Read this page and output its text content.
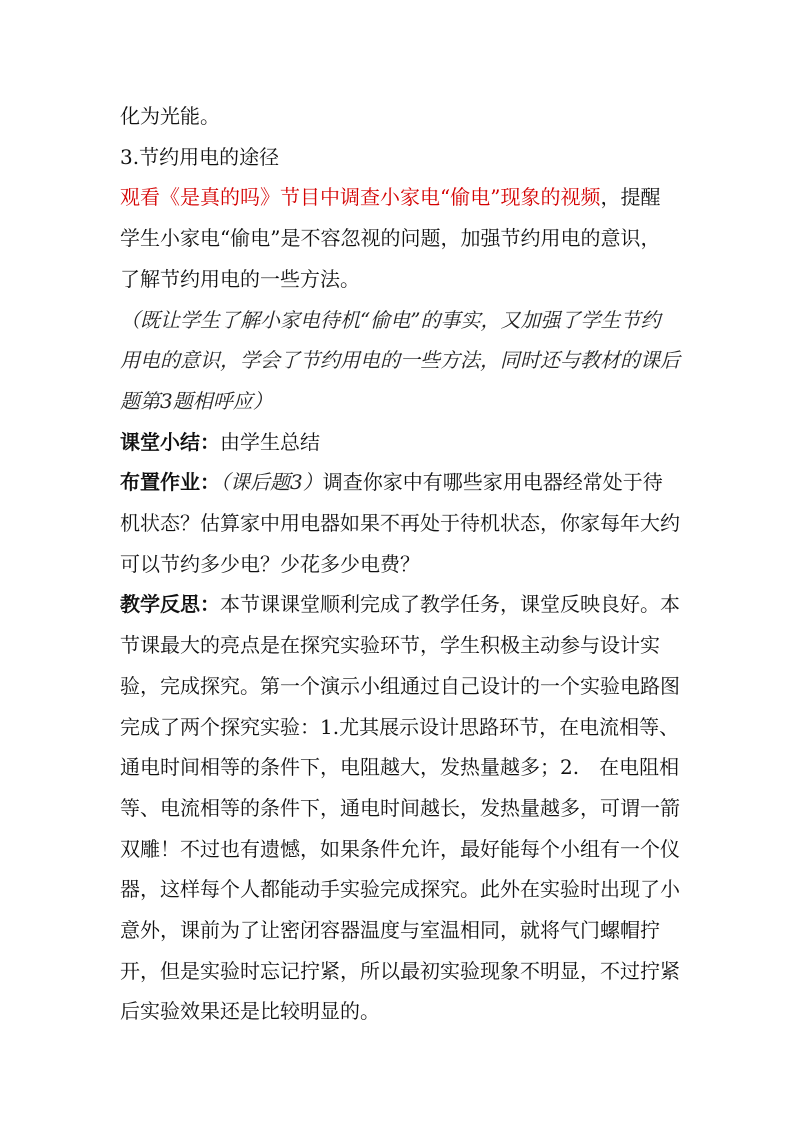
化为光能。

3.节约用电的途径

观看《是真的吗》节目中调查小家电“偷电”现象的视频，提醒学生小家电“偷电”是不容忽视的问题，加强节约用电的意识，了解节约用电的一些方法。

（既让学生了解小家电待机“偷电”的事实，又加强了学生节约用电的意识，学会了节约用电的一些方法，同时还与教材的课后题第3题相呼应）

课堂小结：由学生总结

布置作业：（课后题3）调查你家中有哪些家用电器经常处于待机状态？估算家中用电器如果不再处于待机状态，你家每年大约可以节约多少电？少花多少电费？

教学反思：本节课课堂顺利完成了教学任务，课堂反映良好。本节课最大的亮点是在探究实验环节，学生积极主动参与设计实验，完成探究。第一个演示小组通过自己设计的一个实验电路图完成了两个探究实验：1.尤其展示设计思路环节，在电流相等、通电时间相等的条件下，电阻越大，发热量越多；2.　在电阻相等、电流相等的条件下，通电时间越长，发热量越多，可谓一箭双雕！不过也有遗憾，如果条件允许，最好能每个小组有一个仪器，这样每个人都能动手实验完成探究。此外在实验时出现了小意外，课前为了让密闭容器温度与室温相同，就将气门螺帽拧开，但是实验时忘记拧紧，所以最初实验现象不明显，不过拧紧后实验效果还是比较明显的。
